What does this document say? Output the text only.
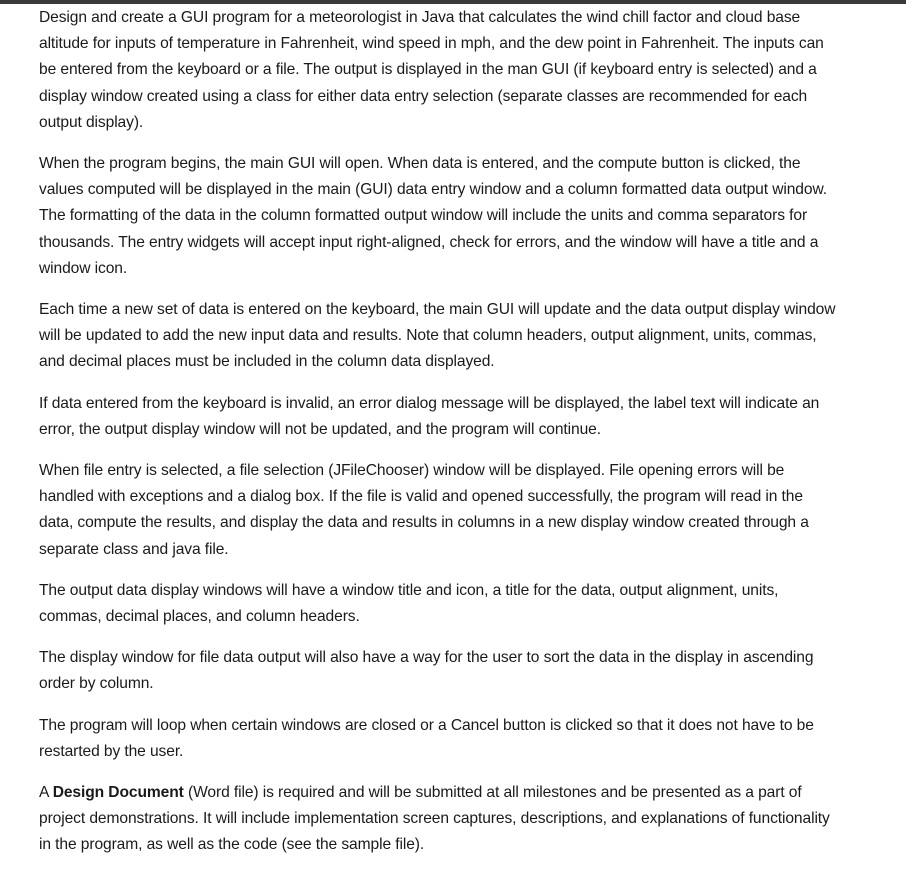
Design and create a GUI program for a meteorologist in Java that calculates the wind chill factor and cloud base altitude for inputs of temperature in Fahrenheit, wind speed in mph, and the dew point in Fahrenheit. The inputs can be entered from the keyboard or a file. The output is displayed in the man GUI (if keyboard entry is selected) and a display window created using a class for either data entry selection (separate classes are recommended for each output display).

When the program begins, the main GUI will open. When data is entered, and the compute button is clicked, the values computed will be displayed in the main (GUI) data entry window and a column formatted data output window. The formatting of the data in the column formatted output window will include the units and comma separators for thousands. The entry widgets will accept input right-aligned, check for errors, and the window will have a title and a window icon.

Each time a new set of data is entered on the keyboard, the main GUI will update and the data output display window will be updated to add the new input data and results. Note that column headers, output alignment, units, commas, and decimal places must be included in the column data displayed.

If data entered from the keyboard is invalid, an error dialog message will be displayed, the label text will indicate an error, the output display window will not be updated, and the program will continue.

When file entry is selected, a file selection (JFileChooser) window will be displayed. File opening errors will be handled with exceptions and a dialog box. If the file is valid and opened successfully, the program will read in the data, compute the results, and display the data and results in columns in a new display window created through a separate class and java file.

The output data display windows will have a window title and icon, a title for the data, output alignment, units, commas, decimal places, and column headers.

The display window for file data output will also have a way for the user to sort the data in the display in ascending order by column.

The program will loop when certain windows are closed or a Cancel button is clicked so that it does not have to be restarted by the user.

A Design Document (Word file) is required and will be submitted at all milestones and be presented as a part of project demonstrations. It will include implementation screen captures, descriptions, and explanations of functionality in the program, as well as the code (see the sample file).
